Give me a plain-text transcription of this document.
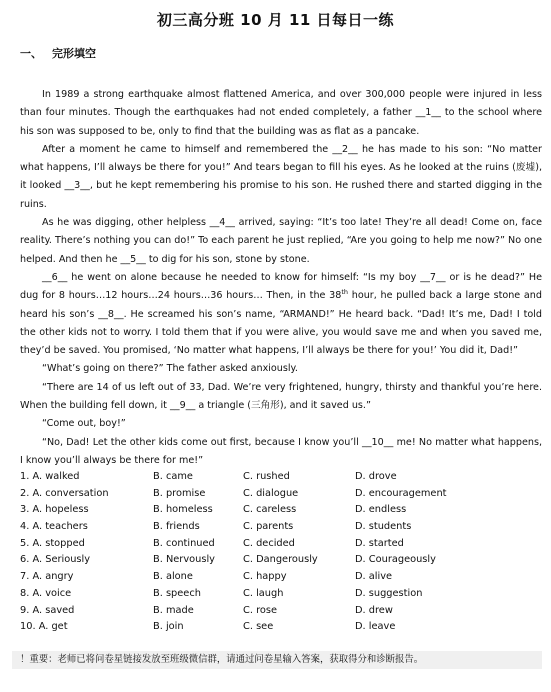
初三高分班 10 月 11 日每日一练
一、 完形填空

In 1989 a strong earthquake almost flattened America, and over 300,000 people were injured in less than four minutes. Though the earthquakes had not ended completely, a father __1__ to the school where his son was supposed to be, only to find that the building was as flat as a pancake.

After a moment he came to himself and remembered the __2__ he has made to his son: “No matter what happens, I’ll always be there for you!” And tears began to fill his eyes. As he looked at the ruins (废墟), it looked __3__, but he kept remembering his promise to his son. He rushed there and started digging in the ruins.

As he was digging, other helpless __4__ arrived, saying: “It’s too late! They’re all dead! Come on, face reality. There’s nothing you can do!” To each parent he just replied, “Are you going to help me now?” No one helped. And then he __5__ to dig for his son, stone by stone.

__6__ he went on alone because he needed to know for himself: “Is my boy __7__ or is he dead?” He dug for 8 hours…12 hours…24 hours…36 hours… Then, in the 38th hour, he pulled back a large stone and heard his son’s __8__. He screamed his son’s name, “ARMAND!” He heard back. “Dad! It’s me, Dad! I told the other kids not to worry. I told them that if you were alive, you would save me and when you saved me, they’d be saved. You promised, ‘No matter what happens, I’ll always be there for you!’ You did it, Dad!”

“What’s going on there?” The father asked anxiously.

“There are 14 of us left out of 33, Dad. We’re very frightened, hungry, thirsty and thankful you’re here. When the building fell down, it __9__ a triangle (三角形), and it saved us.”

“Come out, boy!”

“No, Dad! Let the other kids come out first, because I know you’ll __10__ me! No matter what happens, I know you’ll always be there for me!”

1. A. walked	B. came	C. rushed	D. drove
2. A. conversation	B. promise	C. dialogue	D. encouragement
3. A. hopeless	B. homeless	C. careless	D. endless
4. A. teachers	B. friends	C. parents	D. students
5. A. stopped	B. continued	C. decided	D. started
6. A. Seriously	B. Nervously	C. Dangerously	D. Courageously
7. A. angry	B. alone	C. happy	D. alive
8. A. voice	B. speech	C. laugh	D. suggestion
9. A. saved	B. made	C. rose	D. drew
10. A. get	B. join	C. see	D. leave
！重要：老师已将问卷星链接发放至班级微信群，请通过问卷星输入答案，获取得分和诊断报告。
